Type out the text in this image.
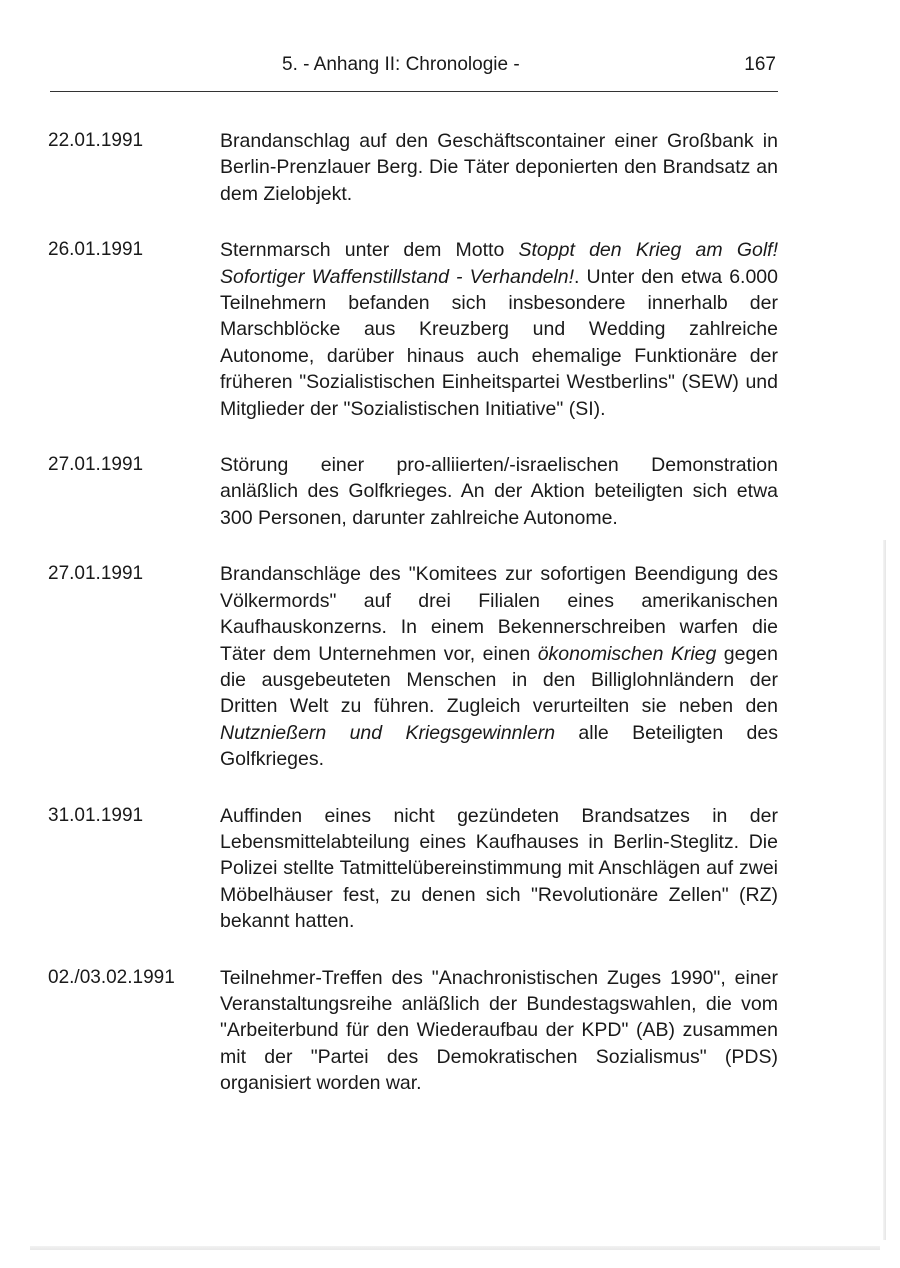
5. - Anhang II: Chronologie -	167
22.01.1991	Brandanschlag auf den Geschäftscontainer einer Großbank in Berlin-Prenzlauer Berg. Die Täter deponierten den Brandsatz an dem Zielobjekt.
26.01.1991	Sternmarsch unter dem Motto Stoppt den Krieg am Golf! Sofortiger Waffenstillstand - Verhandeln!. Unter den etwa 6.000 Teilnehmern befanden sich insbesondere innerhalb der Marschblöcke aus Kreuzberg und Wedding zahlreiche Autonome, darüber hinaus auch ehemalige Funktionäre der früheren "Sozialistischen Einheitspartei Westberlins" (SEW) und Mitglieder der "Sozialistischen Initiative" (SI).
27.01.1991	Störung einer pro-alliierten/-israelischen Demonstration anläßlich des Golfkrieges. An der Aktion beteiligten sich etwa 300 Personen, darunter zahlreiche Autonome.
27.01.1991	Brandanschläge des "Komitees zur sofortigen Beendigung des Völkermords" auf drei Filialen eines amerikanischen Kaufhauskonzerns. In einem Bekennerschreiben warfen die Täter dem Unternehmen vor, einen ökonomischen Krieg gegen die ausgebeuteten Menschen in den Billiglohnländern der Dritten Welt zu führen. Zugleich verurteilten sie neben den Nutznießern und Kriegsgewinnlern alle Beteiligten des Golfkrieges.
31.01.1991	Auffinden eines nicht gezündeten Brandsatzes in der Lebensmittelabteilung eines Kaufhauses in Berlin-Steglitz. Die Polizei stellte Tatmittelübereinstimmung mit Anschlägen auf zwei Möbelhäuser fest, zu denen sich "Revolutionäre Zellen" (RZ) bekannt hatten.
02./03.02.1991 Teilnehmer-Treffen des "Anachronistischen Zuges 1990", einer Veranstaltungsreihe anläßlich der Bundestagswahlen, die vom "Arbeiterbund für den Wiederaufbau der KPD" (AB) zusammen mit der "Partei des Demokratischen Sozialismus" (PDS) organisiert worden war.
